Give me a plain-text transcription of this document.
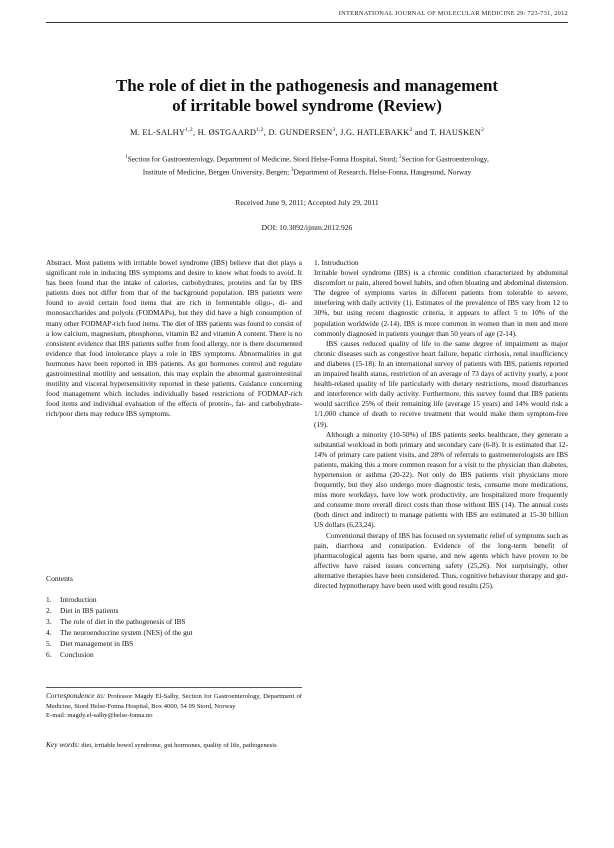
INTERNATIONAL JOURNAL OF MOLECULAR MEDICINE 29: 723-731, 2012
The role of diet in the pathogenesis and management
of irritable bowel syndrome (Review)

M. EL-SALHY$^{1,2}$, H. ØSTGAARD$^{1,2}$, D. GUNDERSEN$^3$, J.G. HATLEBAKK$^2$ and T. HAUSKEN$^2$

$^1$Section for Gastroenterology, Department of Medicine, Stord Helse-Fonna Hospital, Stord; $^2$Section for Gastroenterology,
Institute of Medicine, Bergen University, Bergen; $^3$Department of Research, Helse-Fonna, Haugesund, Norway

Received June 9, 2011; Accepted July 29, 2011

DOI: 10.3892/ijmm.2012.926

Abstract. Most patients with irritable bowel syndrome (IBS) believe that diet plays a significant role in inducing IBS symptoms and desire to know what foods to avoid. It has been found that the intake of calories, carbohydrates, proteins and fat by IBS patients does not differ from that of the background population. IBS patients were found to avoid certain food items that are rich in fermentable oligo-, di- and monosaccharides and polyols (FODMAPs), but they did have a high consumption of many other FODMAP-rich food items. The diet of IBS patients was found to consist of a low calcium, magnesium, phosphorus, vitamin B2 and vitamin A content. There is no consistent evidence that IBS patients suffer from food allergy, nor is there documented evidence that food intolerance plays a role in IBS symptoms. Abnormalities in gut hormones have been reported in IBS patients. As gut hormones control and regulate gastrointestinal motility and sensation, this may explain the abnormal gastrointestinal motility and visceral hypersensitivity reported in these patients. Guidance concerning food management which includes individually based restrictions of FODMAP-rich food items and individual evaluation of the effects of protein-, fat- and carbohydrate-rich/poor diets may reduce IBS symptoms.

Contents

1.	Introduction
2.	Diet in IBS patients
3.	The role of diet in the pathogenesis of IBS
4.	The neuroendocrine system (NES) of the gut
5.	Diet management in IBS
6.	Conclusion

Correspondence to: Professor Magdy El-Salhy, Section for Gastroenterology, Department of Medicine, Stord Helse-Fonna Hospital, Box 4000, 54 09 Stord, Norway
E-mail: magdy.el-salhy@helse-fonna.no

Key words: diet, irritable bowel syndrome, gut hormones, quality of life, pathogenesis

1. Introduction

Irritable bowel syndrome (IBS) is a chronic condition characterized by abdominal discomfort or pain, altered bowel habits, and often bloating and abdominal distension. The degree of symptoms varies in different patients from tolerable to severe, interfering with daily activity (1). Estimates of the prevalence of IBS vary from 12 to 30%, but using recent diagnostic criteria, it appears to affect 5 to 10% of the population worldwide (2-14). IBS is more common in women than in men and more commonly diagnosed in patients younger than 50 years of age (2-14).

IBS causes reduced quality of life to the same degree of impairment as major chronic diseases such as congestive heart failure, hepatic cirrhosis, renal insufficiency and diabetes (15-18). In an international survey of patients with IBS, patients reported an impaired health status, restriction of an average of 73 days of activity yearly, a poor health-related quality of life particularly with dietary restrictions, mood disturbances and interference with daily activity. Furthermore, this survey found that IBS patients would sacrifice 25% of their remaining life (average 15 years) and 14% would risk a 1/1,000 chance of death to receive treatment that would make them symptom-free (19).

Although a minority (10-50%) of IBS patients seeks healthcare, they generate a substantial workload in both primary and secondary care (6-8). It is estimated that 12-14% of primary care patient visits, and 28% of referrals to gastroenterologists are IBS patients, making this a more common reason for a visit to the physician than diabetes, hypertension or asthma (20-22). Not only do IBS patients visit physicians more frequently, but they also undergo more diagnostic tests, consume more medications, miss more workdays, have low work productivity, are hospitalized more frequently and consume more overall direct costs than those without IBS (14). The annual costs (both direct and indirect) to manage patients with IBS are estimated at 15-30 billion US dollars (6,23,24).

Conventional therapy of IBS has focused on systematic relief of symptoms such as pain, diarrhoea and constipation. Evidence of the long-term benefit of pharmacological agents has been sparse, and new agents which have proven to be affective have raised issues concerning safety (25,26). Not surprisingly, other alternative therapies have been considered. Thus, cognitive behaviour therapy and gut-directed hypnotherapy have been used with good results (25).
